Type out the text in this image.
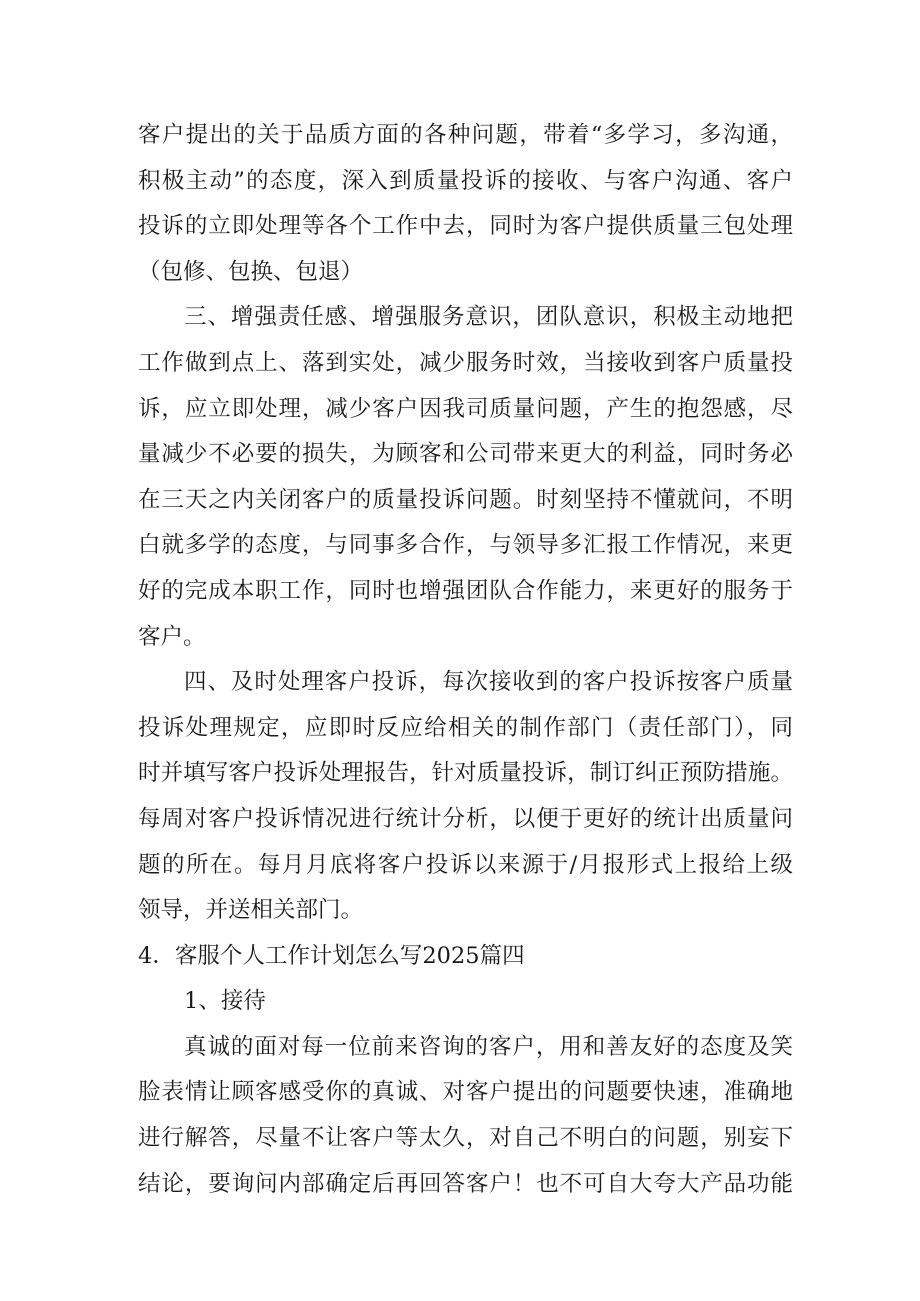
客户提出的关于品质方面的各种问题，带着“多学习，多沟通，
积极主动”的态度，深入到质量投诉的接收、与客户沟通、客户
投诉的立即处理等各个工作中去，同时为客户提供质量三包处理
（包修、包换、包退）
三、增强责任感、增强服务意识，团队意识，积极主动地把
工作做到点上、落到实处，减少服务时效，当接收到客户质量投
诉，应立即处理，减少客户因我司质量问题，产生的抱怨感，尽
量减少不必要的损失，为顾客和公司带来更大的利益，同时务必
在三天之内关闭客户的质量投诉问题。时刻坚持不懂就问，不明
白就多学的态度，与同事多合作，与领导多汇报工作情况，来更
好的完成本职工作，同时也增强团队合作能力，来更好的服务于
客户。
四、及时处理客户投诉，每次接收到的客户投诉按客户质量
投诉处理规定，应即时反应给相关的制作部门（责任部门），同
时并填写客户投诉处理报告，针对质量投诉，制订纠正预防措施。
每周对客户投诉情况进行统计分析，以便于更好的统计出质量问
题的所在。每月月底将客户投诉以来源于/月报形式上报给上级
领导，并送相关部门。
4．客服个人工作计划怎么写2025篇四
1、接待
真诚的面对每一位前来咨询的客户，用和善友好的态度及笑
脸表情让顾客感受你的真诚、对客户提出的问题要快速，准确地
进行解答，尽量不让客户等太久，对自己不明白的问题，别妄下
结论，要询问内部确定后再回答客户！也不可自大夸大产品功能
